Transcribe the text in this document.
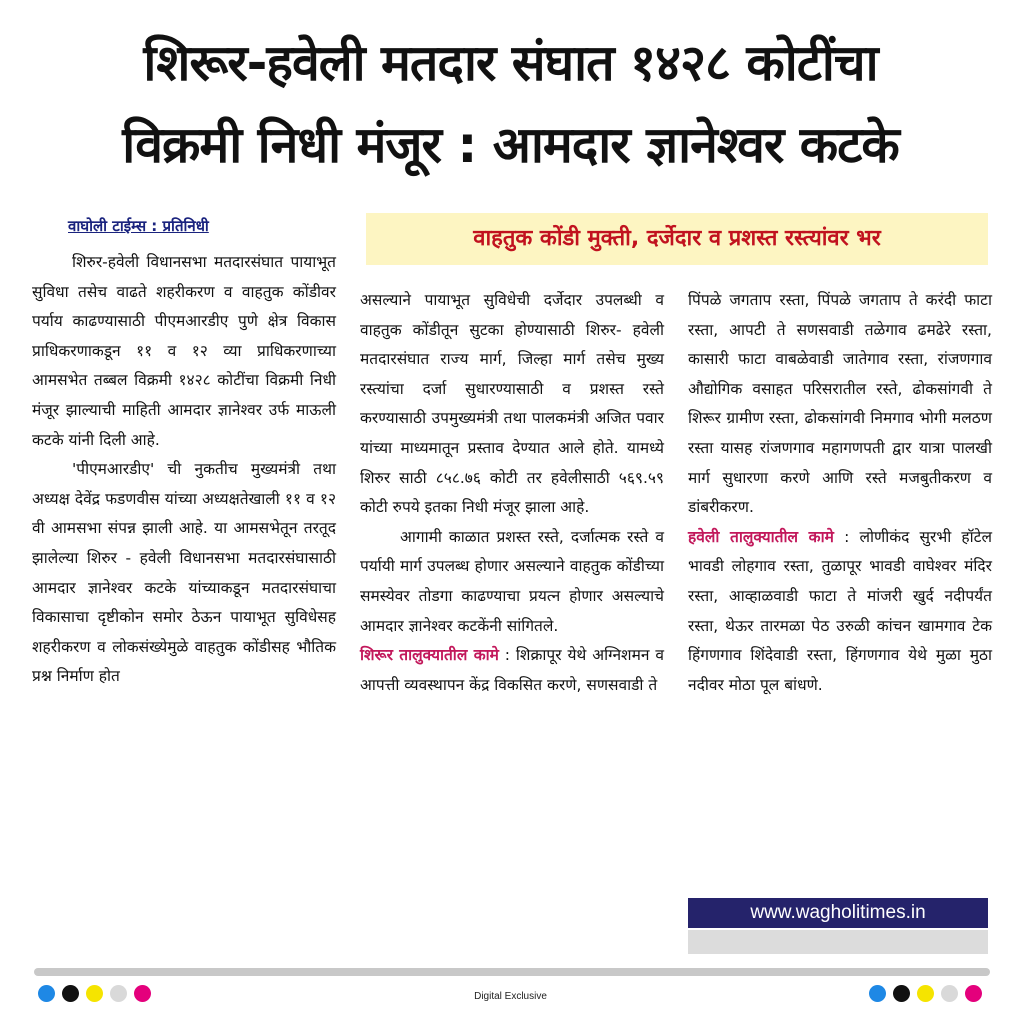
शिरूर-हवेली मतदार संघात १४२८ कोटींचा
विक्रमी निधी मंजूर : आमदार ज्ञानेश्वर कटके
वाघोली टाईम्स : प्रतिनिधी	वाहतुक कोंडी मुक्ती, दर्जेदार व प्रशस्त रस्त्यांवर भर

शिरुर-हवेली विधानसभा मतदारसंघात पायाभूत सुविधा तसेच वाढते शहरीकरण व वाहतुक कोंडीवर पर्याय काढण्यासाठी पीएमआरडीए पुणे क्षेत्र विकास प्राधिकरणाकडून ११ व १२ व्या प्राधिकरणाच्या आमसभेत तब्बल विक्रमी १४२८ कोटींचा विक्रमी निधी मंजूर झाल्याची माहिती आमदार ज्ञानेश्वर उर्फ माऊली कटके यांनी दिली आहे.

'पीएमआरडीए' ची नुकतीच मुख्यमंत्री तथा अध्यक्ष देवेंद्र फडणवीस यांच्या अध्यक्षतेखाली ११ व १२ वी आमसभा संपन्न झाली आहे. या आमसभेतून तरतूद झालेल्या शिरुर - हवेली विधानसभा मतदारसंघासाठी आमदार ज्ञानेश्वर कटके यांच्याकडून मतदारसंघाचा विकासाचा दृष्टीकोन समोर ठेऊन पायाभूत सुविधेसह शहरीकरण व लोकसंख्येमुळे वाहतुक कोंडीसह भौतिक प्रश्न निर्माण होत

असल्याने पायाभूत सुविधेची दर्जेदार उपलब्धी व वाहतुक कोंडीतून सुटका होण्यासाठी शिरुर- हवेली मतदारसंघात राज्य मार्ग, जिल्हा मार्ग तसेच मुख्य रस्त्यांचा दर्जा सुधारण्यासाठी व प्रशस्त रस्ते करण्यासाठी उपमुख्यमंत्री तथा पालकमंत्री अजित पवार यांच्या माध्यमातून प्रस्ताव देण्यात आले होते. यामध्ये शिरुर साठी ८५८.७६ कोटी तर हवेलीसाठी ५६९.५९ कोटी रुपये इतका निधी मंजूर झाला आहे.

आगामी काळात प्रशस्त रस्ते, दर्जात्मक रस्ते व पर्यायी मार्ग उपलब्ध होणार असल्याने वाहतुक कोंडीच्या समस्येवर तोडगा काढण्याचा प्रयत्न होणार असल्याचे आमदार ज्ञानेश्वर कटकेंनी सांगितले.

शिरूर तालुक्यातील कामे : शिक्रापूर येथे अग्निशमन व आपत्ती व्यवस्थापन केंद्र विकसित करणे, सणसवाडी ते

पिंपळे जगताप रस्ता, पिंपळे जगताप ते करंदी फाटा रस्ता, आपटी ते सणसवाडी तळेगाव ढमढेरे रस्ता, कासारी फाटा वाबळेवाडी जातेगाव रस्ता, रांजणगाव औद्योगिक वसाहत परिसरातील रस्ते, ढोकसांगवी ते शिरूर ग्रामीण रस्ता, ढोकसांगवी निमगाव भोगी मलठण रस्ता यासह रांजणगाव महागणपती द्वार यात्रा पालखी मार्ग सुधारणा करणे आणि रस्ते मजबुतीकरण व डांबरीकरण.

हवेली तालुक्यातील कामे : लोणीकंद सुरभी हॉटेल भावडी लोहगाव रस्ता, तुळापूर भावडी वाघेश्वर मंदिर रस्ता, आव्हाळवाडी फाटा ते मांजरी खुर्द नदीपर्यंत रस्ता, थेऊर तारमळा पेठ उरुळी कांचन खामगाव टेक हिंगणगाव शिंदेवाडी रस्ता, हिंगणगाव येथे मुळा मुठा नदीवर मोठा पूल बांधणे.

www.wagholitimes.in
Digital Exclusive
